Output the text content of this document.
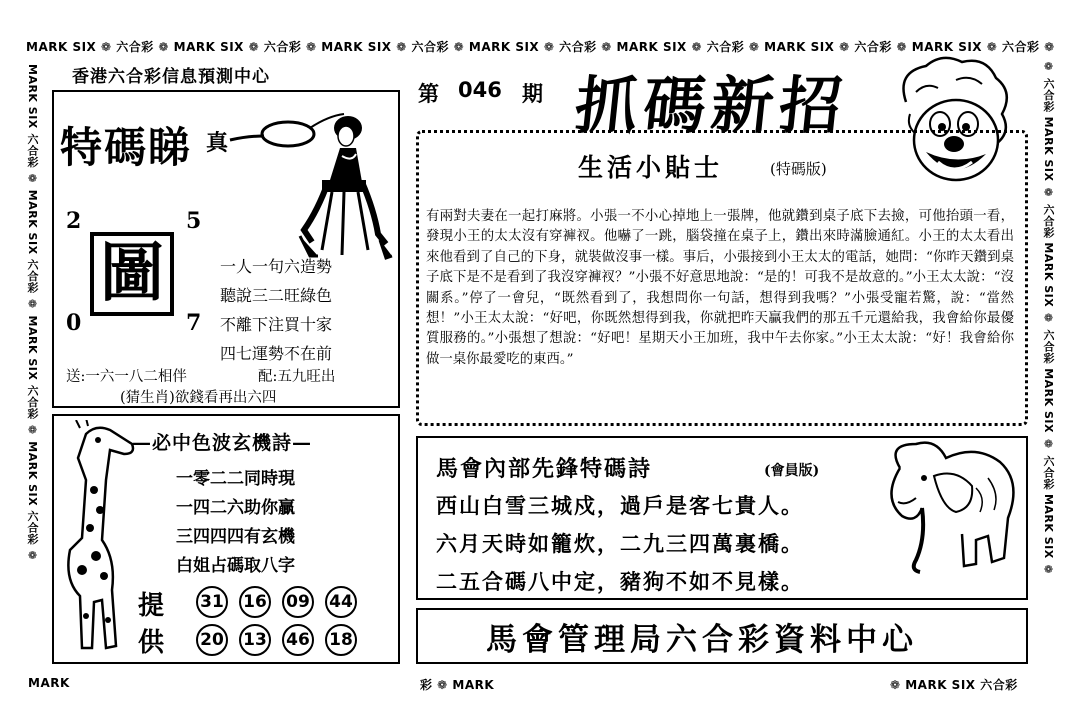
MARK SIX ❁ 六合彩 ❁ MARK SIX ❁ 六合彩 ❁ MARK SIX ❁ 六合彩 ❁ MARK SIX ❁ 六合彩 ❁ MARK SIX ❁ 六合彩 ❁ MARK SIX ❁ 六合彩 ❁ MARK SIX ❁ 六合彩 ❁
MARK SIX 六合彩 ❁ MARK SIX 六合彩 ❁ MARK SIX 六合彩 ❁ MARK SIX 六合彩 ❁	❁ 六合彩 MARK SIX ❁ 六合彩 MARK SIX ❁ 六合彩 MARK SIX ❁ 六合彩 MARK SIX ❁
MARK	彩 ❁ MARK	❁ MARK SIX 六合彩
香港六合彩信息預測中心
特碼睇 真
2	5
0	7
圖	一人一句六造勢
聽說三二旺綠色
不離下注買十家
四七運勢不在前
送:一六一八二相伴	配:五九旺出
(猜生肖)欲錢看再出六四
—必中色波玄機詩—
一零二二同時現
一四二六助你贏
三四四四有玄機
白姐占碼取八字
提
供
31 16 09 44
20 13 46 18
第 046 期 抓碼新招
生活小貼士	(特碼版)
有兩對夫妻在一起打麻將。小張一不小心掉地上一張牌，他就鑽到桌子底下去撿，可他抬頭一看，發現小王的太太沒有穿褲衩。他嚇了一跳，腦袋撞在桌子上，鑽出來時滿臉通紅。小王的太太看出來他看到了自己的下身，就裝做沒事一樣。事后，小張接到小王太太的電話，她問：“你昨天鑽到桌子底下是不是看到了我沒穿褲衩？”小張不好意思地說：“是的！可我不是故意的。”小王太太說：“沒關系。”停了一會兒，“既然看到了，我想問你一句話，想得到我嗎？”小張受寵若驚，說：“當然想！”小王太太說：“好吧，你既然想得到我，你就把昨天贏我們的那五千元還給我，我會給你最優質服務的。”小張想了想說：“好吧！星期天小王加班，我中午去你家。”小王太太說：“好！我會給你做一桌你最愛吃的東西。”
馬會內部先鋒特碼詩	(會員版)
西山白雪三城戍，過戶是客七貴人。
六月天時如籠炊，二九三四萬裏橋。
二五合碼八中定，豬狗不如不見樣。
馬會管理局六合彩資料中心
